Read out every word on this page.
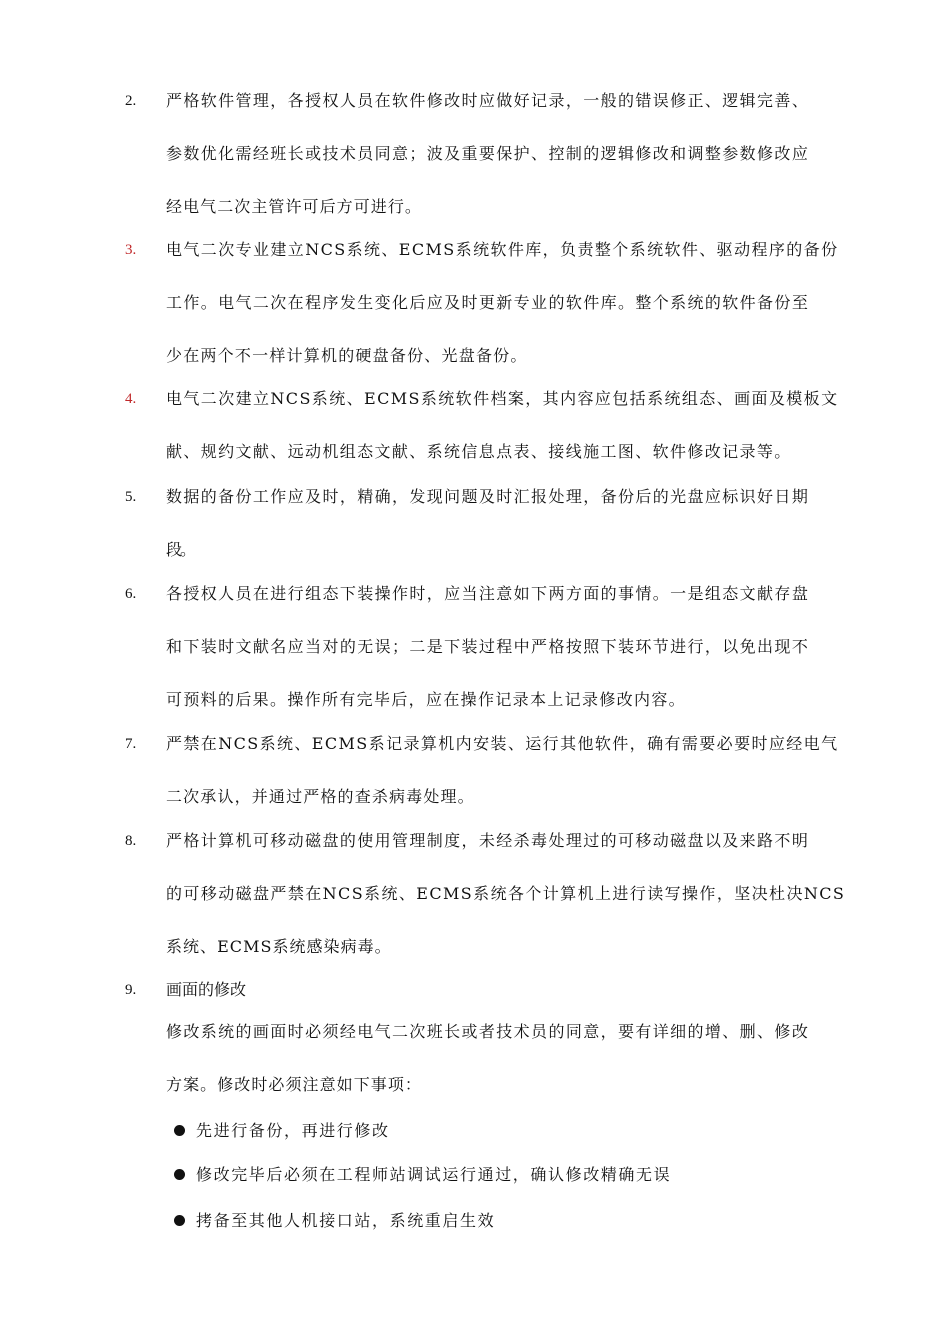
2. 严格软件管理，各授权人员在软件修改时应做好记录，一般的错误修正、逻辑完善、
参数优化需经班长或技术员同意；波及重要保护、控制的逻辑修改和调整参数修改应
经电气二次主管许可后方可进行。
3. 电气二次专业建立NCS系统、ECMS系统软件库，负责整个系统软件、驱动程序的备份
工作。电气二次在程序发生变化后应及时更新专业的软件库。整个系统的软件备份至
少在两个不一样计算机的硬盘备份、光盘备份。
4. 电气二次建立NCS系统、ECMS系统软件档案，其内容应包括系统组态、画面及模板文
献、规约文献、远动机组态文献、系统信息点表、接线施工图、软件修改记录等。
5. 数据的备份工作应及时，精确，发现问题及时汇报处理，备份后的光盘应标识好日期
段。
6. 各授权人员在进行组态下装操作时，应当注意如下两方面的事情。一是组态文献存盘
和下装时文献名应当对的无误；二是下装过程中严格按照下装环节进行，以免出现不
可预料的后果。操作所有完毕后，应在操作记录本上记录修改内容。
7. 严禁在NCS系统、ECMS系记录算机内安装、运行其他软件，确有需要必要时应经电气
二次承认，并通过严格的查杀病毒处理。
8. 严格计算机可移动磁盘的使用管理制度，未经杀毒处理过的可移动磁盘以及来路不明
的可移动磁盘严禁在NCS系统、ECMS系统各个计算机上进行读写操作，坚决杜决NCS
系统、ECMS系统感染病毒。
9. 画面的修改
修改系统的画面时必须经电气二次班长或者技术员的同意，要有详细的增、删、修改
方案。修改时必须注意如下事项：
先进行备份，再进行修改
修改完毕后必须在工程师站调试运行通过，确认修改精确无误
拷备至其他人机接口站，系统重启生效
